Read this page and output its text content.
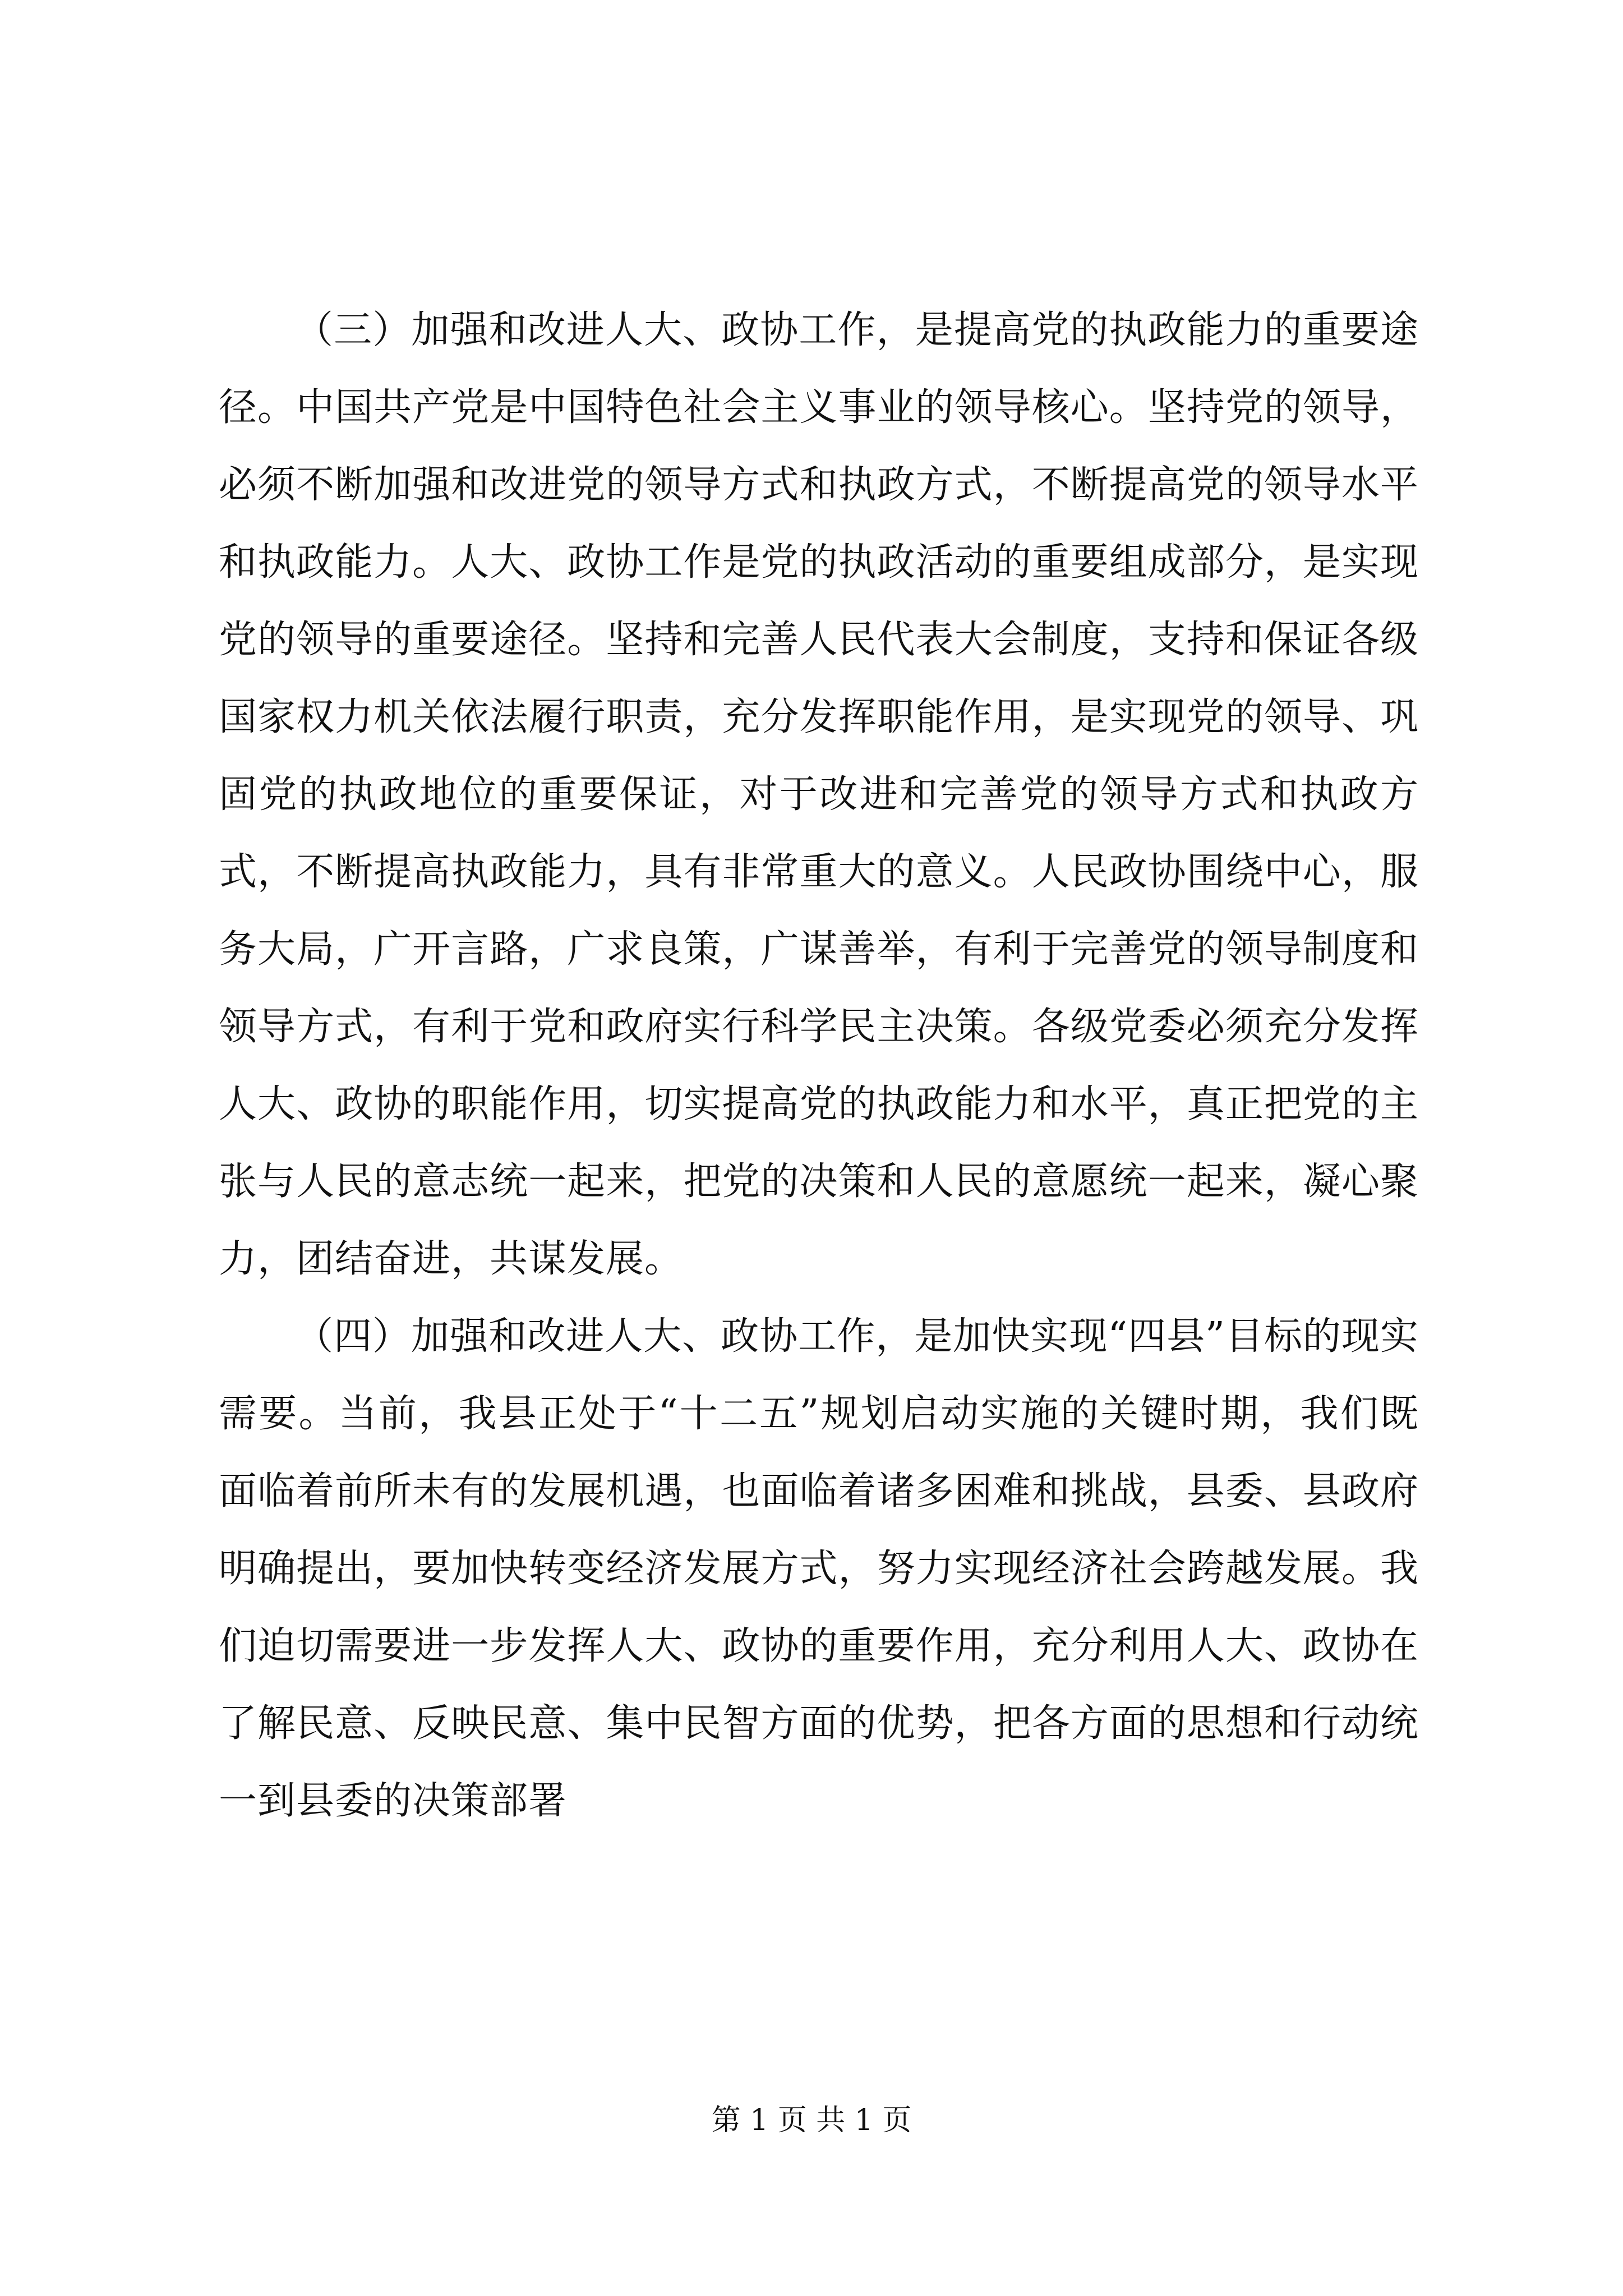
（三）加强和改进人大、政协工作，是提高党的执政能力的重要途径。中国共产党是中国特色社会主义事业的领导核心。坚持党的领导，必须不断加强和改进党的领导方式和执政方式，不断提高党的领导水平和执政能力。人大、政协工作是党的执政活动的重要组成部分，是实现党的领导的重要途径。坚持和完善人民代表大会制度，支持和保证各级国家权力机关依法履行职责，充分发挥职能作用，是实现党的领导、巩固党的执政地位的重要保证，对于改进和完善党的领导方式和执政方式，不断提高执政能力，具有非常重大的意义。人民政协围绕中心，服务大局，广开言路，广求良策，广谋善举，有利于完善党的领导制度和领导方式，有利于党和政府实行科学民主决策。各级党委必须充分发挥人大、政协的职能作用，切实提高党的执政能力和水平，真正把党的主张与人民的意志统一起来，把党的决策和人民的意愿统一起来，凝心聚力，团结奋进，共谋发展。

（四）加强和改进人大、政协工作，是加快实现“四县”目标的现实需要。当前，我县正处于“十二五”规划启动实施的关键时期，我们既面临着前所未有的发展机遇，也面临着诸多困难和挑战，县委、县政府明确提出，要加快转变经济发展方式，努力实现经济社会跨越发展。我们迫切需要进一步发挥人大、政协的重要作用，充分利用人大、政协在了解民意、反映民意、集中民智方面的优势，把各方面的思想和行动统一到县委的决策部署

第 1 页 共 1 页
